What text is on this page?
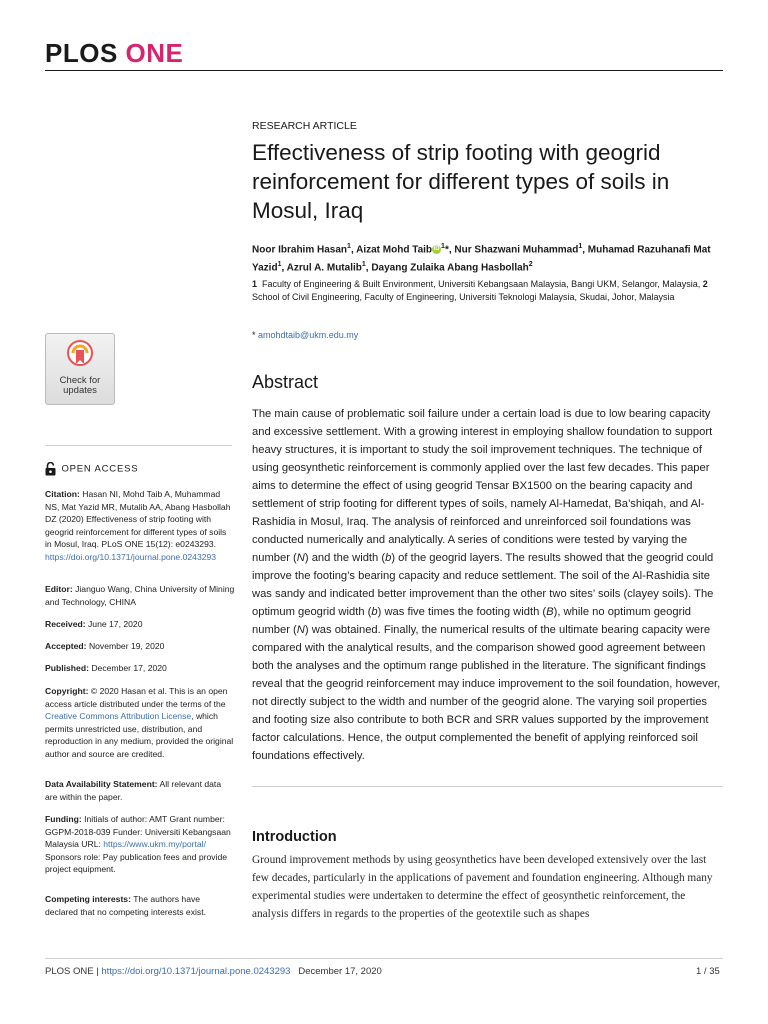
PLOS ONE
RESEARCH ARTICLE
Effectiveness of strip footing with geogrid reinforcement for different types of soils in Mosul, Iraq
Noor Ibrahim Hasan$^1$, Aizat Mohd Taib iD $^1$*, Nur Shazwani Muhammad$^1$, Muhamad Razuhanafi Mat Yazid$^1$, Azrul A. Mutalib$^1$, Dayang Zulaika Abang Hasbollah$^2$
1 Faculty of Engineering & Built Environment, Universiti Kebangsaan Malaysia, Bangi UKM, Selangor, Malaysia, 2  School of Civil Engineering, Faculty of Engineering, Universiti Teknologi Malaysia, Skudai, Johor, Malaysia
* amohdtaib@ukm.edu.my
Check for
updates
OPEN ACCESS
Citation: Hasan NI, Mohd Taib A, Muhammad NS, Mat Yazid MR, Mutalib AA, Abang Hasbollah DZ (2020) Effectiveness of strip footing with geogrid reinforcement for different types of soils in Mosul, Iraq. PLoS ONE 15(12): e0243293. https://doi.org/10.1371/journal.pone.0243293
Editor: Jianguo Wang, China University of Mining and Technology, CHINA
Received: June 17, 2020
Accepted: November 19, 2020
Published: December 17, 2020
Copyright: © 2020 Hasan et al. This is an open access article distributed under the terms of the Creative Commons Attribution License, which permits unrestricted use, distribution, and reproduction in any medium, provided the original author and source are credited.
Data Availability Statement: All relevant data are within the paper.
Funding: Initials of author: AMT Grant number: GGPM-2018-039 Funder: Universiti Kebangsaan Malaysia URL: https://www.ukm.my/portal/ Sponsors role: Pay publication fees and provide project equipment.
Competing interests: The authors have declared that no competing interests exist.
Abstract
The main cause of problematic soil failure under a certain load is due to low bearing capacity and excessive settlement. With a growing interest in employing shallow foundation to support heavy structures, it is important to study the soil improvement techniques. The technique of using geosynthetic reinforcement is commonly applied over the last few decades. This paper aims to determine the effect of using geogrid Tensar BX1500 on the bearing capacity and settlement of strip footing for different types of soils, namely Al-Hamedat, Ba’shiqah, and Al-Rashidia in Mosul, Iraq. The analysis of reinforced and unreinforced soil foundations was conducted numerically and analytically. A series of conditions were tested by varying the number (N) and the width (b) of the geogrid layers. The results showed that the geogrid could improve the footing’s bearing capacity and reduce settlement. The soil of the Al-Rashidia site was sandy and indicated better improvement than the other two sites’ soils (clayey soils). The optimum geogrid width (b) was five times the footing width (B), while no optimum geogrid number (N) was obtained. Finally, the numerical results of the ultimate bearing capacity were compared with the analytical results, and the comparison showed good agreement between both the analyses and the optimum range published in the literature. The significant findings reveal that the geogrid reinforcement may induce improvement to the soil foundation, however, not directly subject to the width and number of the geogrid alone. The varying soil properties and footing size also contribute to both BCR and SRR values supported by the improvement factor calculations. Hence, the output complemented the benefit of applying reinforced soil foundations effectively.
Introduction
Ground improvement methods by using geosynthetics have been developed extensively over the last few decades, particularly in the applications of pavement and foundation engineering. Although many experimental studies were undertaken to determine the effect of geosynthetic reinforcement, the analysis differs in regards to the properties of the geotextile such as shapes
PLOS ONE | https://doi.org/10.1371/journal.pone.0243293 December 17, 2020	1 / 35
